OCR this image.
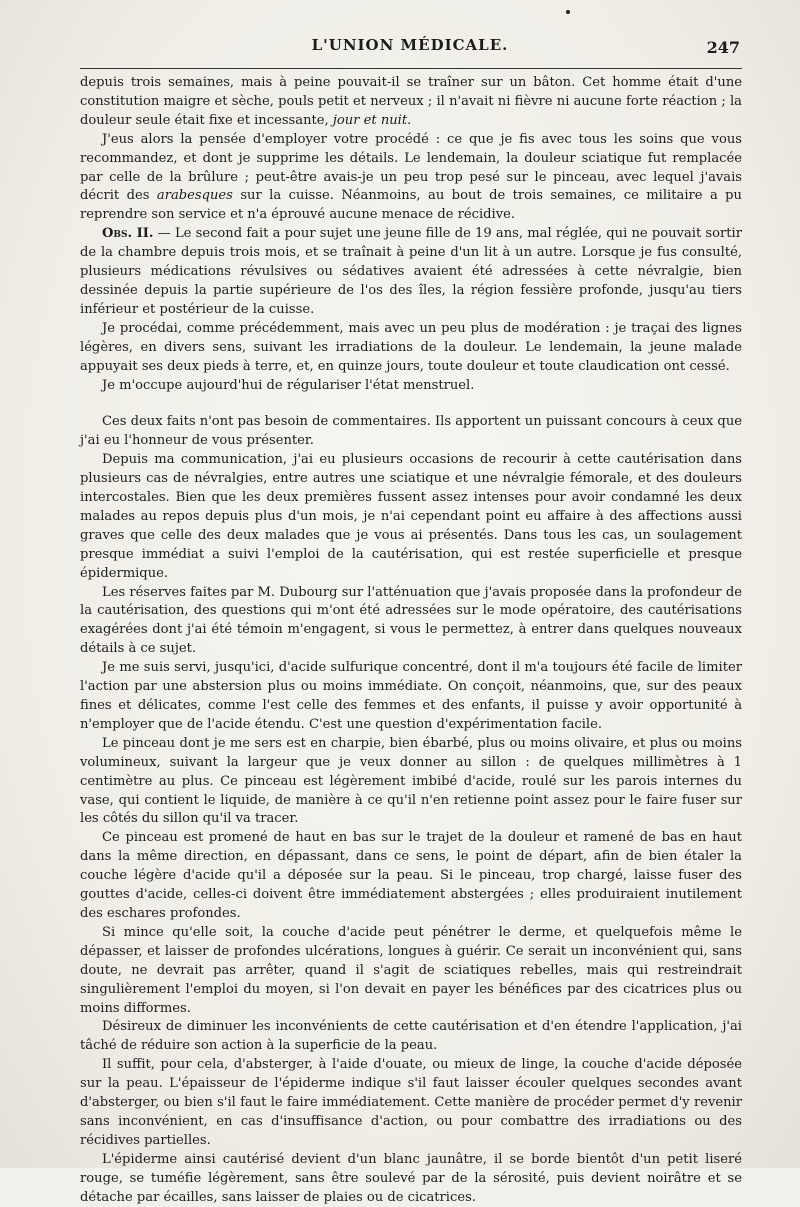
L'UNION MÉDICALE.	247

depuis trois semaines, mais à peine pouvait-il se traîner sur un bâton. Cet homme était d'une constitution maigre et sèche, pouls petit et nerveux ; il n'avait ni fièvre ni aucune forte réaction ; la douleur seule était fixe et incessante, jour et nuit.

J'eus alors la pensée d'employer votre procédé : ce que je fis avec tous les soins que vous recommandez, et dont je supprime les détails. Le lendemain, la douleur sciatique fut remplacée par celle de la brûlure ; peut-être avais-je un peu trop pesé sur le pinceau, avec lequel j'avais décrit des arabesques sur la cuisse. Néanmoins, au bout de trois semaines, ce militaire a pu reprendre son service et n'a éprouvé aucune menace de récidive.

Obs. II. — Le second fait a pour sujet une jeune fille de 19 ans, mal réglée, qui ne pouvait sortir de la chambre depuis trois mois, et se traînait à peine d'un lit à un autre. Lorsque je fus consulté, plusieurs médications révulsives ou sédatives avaient été adressées à cette névralgie, bien dessinée depuis la partie supérieure de l'os des îles, la région fessière profonde, jusqu'au tiers inférieur et postérieur de la cuisse.

Je procédai, comme précédemment, mais avec un peu plus de modération : je traçai des lignes légères, en divers sens, suivant les irradiations de la douleur. Le lendemain, la jeune malade appuyait ses deux pieds à terre, et, en quinze jours, toute douleur et toute claudication ont cessé.

Je m'occupe aujourd'hui de régulariser l'état menstruel.

Ces deux faits n'ont pas besoin de commentaires. Ils apportent un puissant concours à ceux que j'ai eu l'honneur de vous présenter.

Depuis ma communication, j'ai eu plusieurs occasions de recourir à cette cautérisation dans plusieurs cas de névralgies, entre autres une sciatique et une névralgie fémorale, et des douleurs intercostales. Bien que les deux premières fussent assez intenses pour avoir condamné les deux malades au repos depuis plus d'un mois, je n'ai cependant point eu affaire à des affections aussi graves que celle des deux malades que je vous ai présentés. Dans tous les cas, un soulagement presque immédiat a suivi l'emploi de la cautérisation, qui est restée superficielle et presque épidermique.

Les réserves faites par M. Dubourg sur l'atténuation que j'avais proposée dans la profondeur de la cautérisation, des questions qui m'ont été adressées sur le mode opératoire, des cautérisations exagérées dont j'ai été témoin m'engagent, si vous le permettez, à entrer dans quelques nouveaux détails à ce sujet.

Je me suis servi, jusqu'ici, d'acide sulfurique concentré, dont il m'a toujours été facile de limiter l'action par une abstersion plus ou moins immédiate. On conçoit, néanmoins, que, sur des peaux fines et délicates, comme l'est celle des femmes et des enfants, il puisse y avoir opportunité à n'employer que de l'acide étendu. C'est une question d'expérimentation facile.

Le pinceau dont je me sers est en charpie, bien ébarbé, plus ou moins olivaire, et plus ou moins volumineux, suivant la largeur que je veux donner au sillon : de quelques millimètres à 1 centimètre au plus. Ce pinceau est légèrement imbibé d'acide, roulé sur les parois internes du vase, qui contient le liquide, de manière à ce qu'il n'en retienne point assez pour le faire fuser sur les côtés du sillon qu'il va tracer.

Ce pinceau est promené de haut en bas sur le trajet de la douleur et ramené de bas en haut dans la même direction, en dépassant, dans ce sens, le point de départ, afin de bien étaler la couche légère d'acide qu'il a déposée sur la peau. Si le pinceau, trop chargé, laisse fuser des gouttes d'acide, celles-ci doivent être immédiatement abstergées ; elles produiraient inutilement des eschares profondes.

Si mince qu'elle soit, la couche d'acide peut pénétrer le derme, et quelquefois même le dépasser, et laisser de profondes ulcérations, longues à guérir. Ce serait un inconvénient qui, sans doute, ne devrait pas arrêter, quand il s'agit de sciatiques rebelles, mais qui restreindrait singulièrement l'emploi du moyen, si l'on devait en payer les bénéfices par des cicatrices plus ou moins difformes.

Désireux de diminuer les inconvénients de cette cautérisation et d'en étendre l'application, j'ai tâché de réduire son action à la superficie de la peau.

Il suffit, pour cela, d'absterger, à l'aide d'ouate, ou mieux de linge, la couche d'acide déposée sur la peau. L'épaisseur de l'épiderme indique s'il faut laisser écouler quelques secondes avant d'absterger, ou bien s'il faut le faire immédiatement. Cette manière de procéder permet d'y revenir sans inconvénient, en cas d'insuffisance d'action, ou pour combattre des irradiations ou des récidives partielles.

L'épiderme ainsi cautérisé devient d'un blanc jaunâtre, il se borde bientôt d'un petit liseré rouge, se tuméfie légèrement, sans être soulevé par de la sérosité, puis devient noirâtre et se détache par écailles, sans laisser de plaies ou de cicatrices.
